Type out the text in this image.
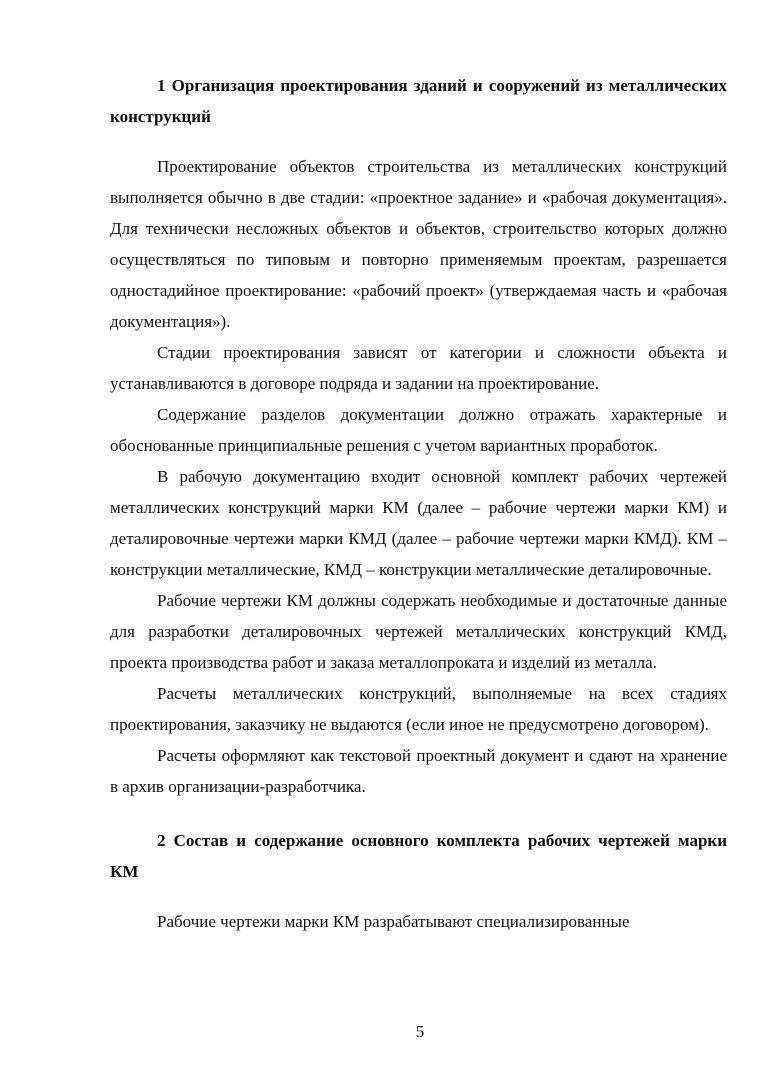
1 Организация проектирования зданий и сооружений из металлических конструкций

Проектирование объектов строительства из металлических конструкций выполняется обычно в две стадии: «проектное задание» и «рабочая документация». Для технически несложных объектов и объектов, строительство которых должно осуществляться по типовым и повторно применяемым проектам, разрешается одностадийное проектирование: «рабочий проект» (утверждаемая часть и «рабочая документация»).

Стадии проектирования зависят от категории и сложности объекта и устанавливаются в договоре подряда и задании на проектирование.

Содержание разделов документации должно отражать характерные и обоснованные принципиальные решения с учетом вариантных проработок.

В рабочую документацию входит основной комплект рабочих чертежей металлических конструкций марки КМ (далее – рабочие чертежи марки КМ) и деталировочные чертежи марки КМД (далее – рабочие чертежи марки КМД). КМ – конструкции металлические, КМД – конструкции металлические деталировочные.

Рабочие чертежи КМ должны содержать необходимые и достаточные данные для разработки деталировочных чертежей металлических конструкций КМД, проекта производства работ и заказа металлопроката и изделий из металла.

Расчеты металлических конструкций, выполняемые на всех стадиях проектирования, заказчику не выдаются (если иное не предусмотрено договором).

Расчеты оформляют как текстовой проектный документ и сдают на хранение в архив организации-разработчика.

2 Состав и содержание основного комплекта рабочих чертежей марки КМ

Рабочие чертежи марки КМ разрабатывают специализированные

5
